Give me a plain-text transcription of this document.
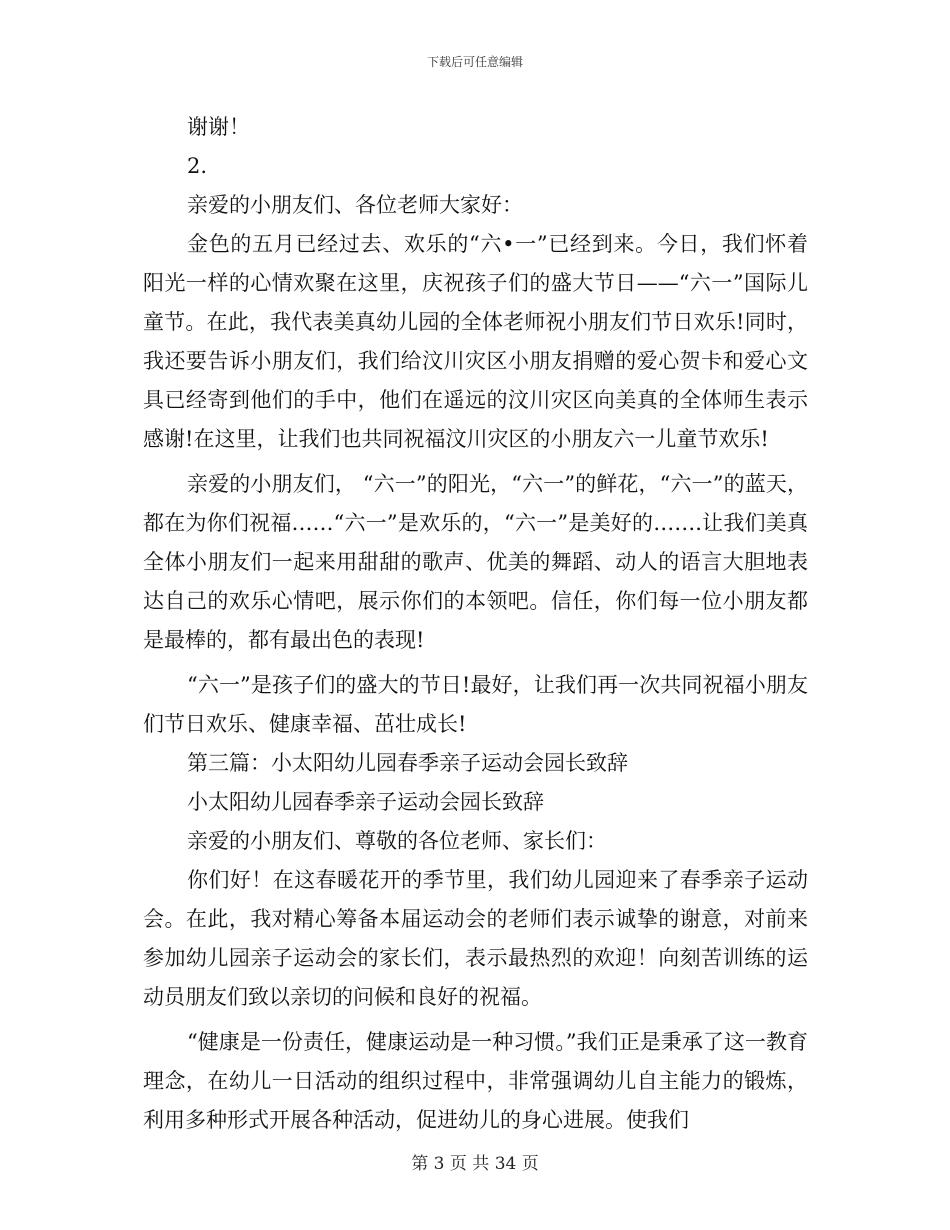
下载后可任意编辑

谢谢！

2.

亲爱的小朋友们、各位老师大家好：

金色的五月已经过去、欢乐的“六•一”已经到来。今日，我们怀着阳光一样的心情欢聚在这里，庆祝孩子们的盛大节日——“六一”国际儿童节。在此，我代表美真幼儿园的全体老师祝小朋友们节日欢乐!同时，我还要告诉小朋友们，我们给汶川灾区小朋友捐赠的爱心贺卡和爱心文具已经寄到他们的手中，他们在遥远的汶川灾区向美真的全体师生表示感谢!在这里，让我们也共同祝福汶川灾区的小朋友六一儿童节欢乐!

亲爱的小朋友们， “六一”的阳光，“六一”的鲜花，“六一”的蓝天，都在为你们祝福……“六一”是欢乐的，“六一”是美好的…….让我们美真全体小朋友们一起来用甜甜的歌声、优美的舞蹈、动人的语言大胆地表达自己的欢乐心情吧，展示你们的本领吧。信任，你们每一位小朋友都是最棒的，都有最出色的表现!

“六一”是孩子们的盛大的节日!最好，让我们再一次共同祝福小朋友们节日欢乐、健康幸福、茁壮成长!

第三篇：小太阳幼儿园春季亲子运动会园长致辞

小太阳幼儿园春季亲子运动会园长致辞

亲爱的小朋友们、尊敬的各位老师、家长们：

你们好！在这春暖花开的季节里，我们幼儿园迎来了春季亲子运动会。在此，我对精心筹备本届运动会的老师们表示诚挚的谢意，对前来参加幼儿园亲子运动会的家长们，表示最热烈的欢迎！向刻苦训练的运动员朋友们致以亲切的问候和良好的祝福。

“健康是一份责任，健康运动是一种习惯。”我们正是秉承了这一教育理念，在幼儿一日活动的组织过程中，非常强调幼儿自主能力的锻炼，利用多种形式开展各种活动，促进幼儿的身心进展。使我们

第 3 页 共 34 页
